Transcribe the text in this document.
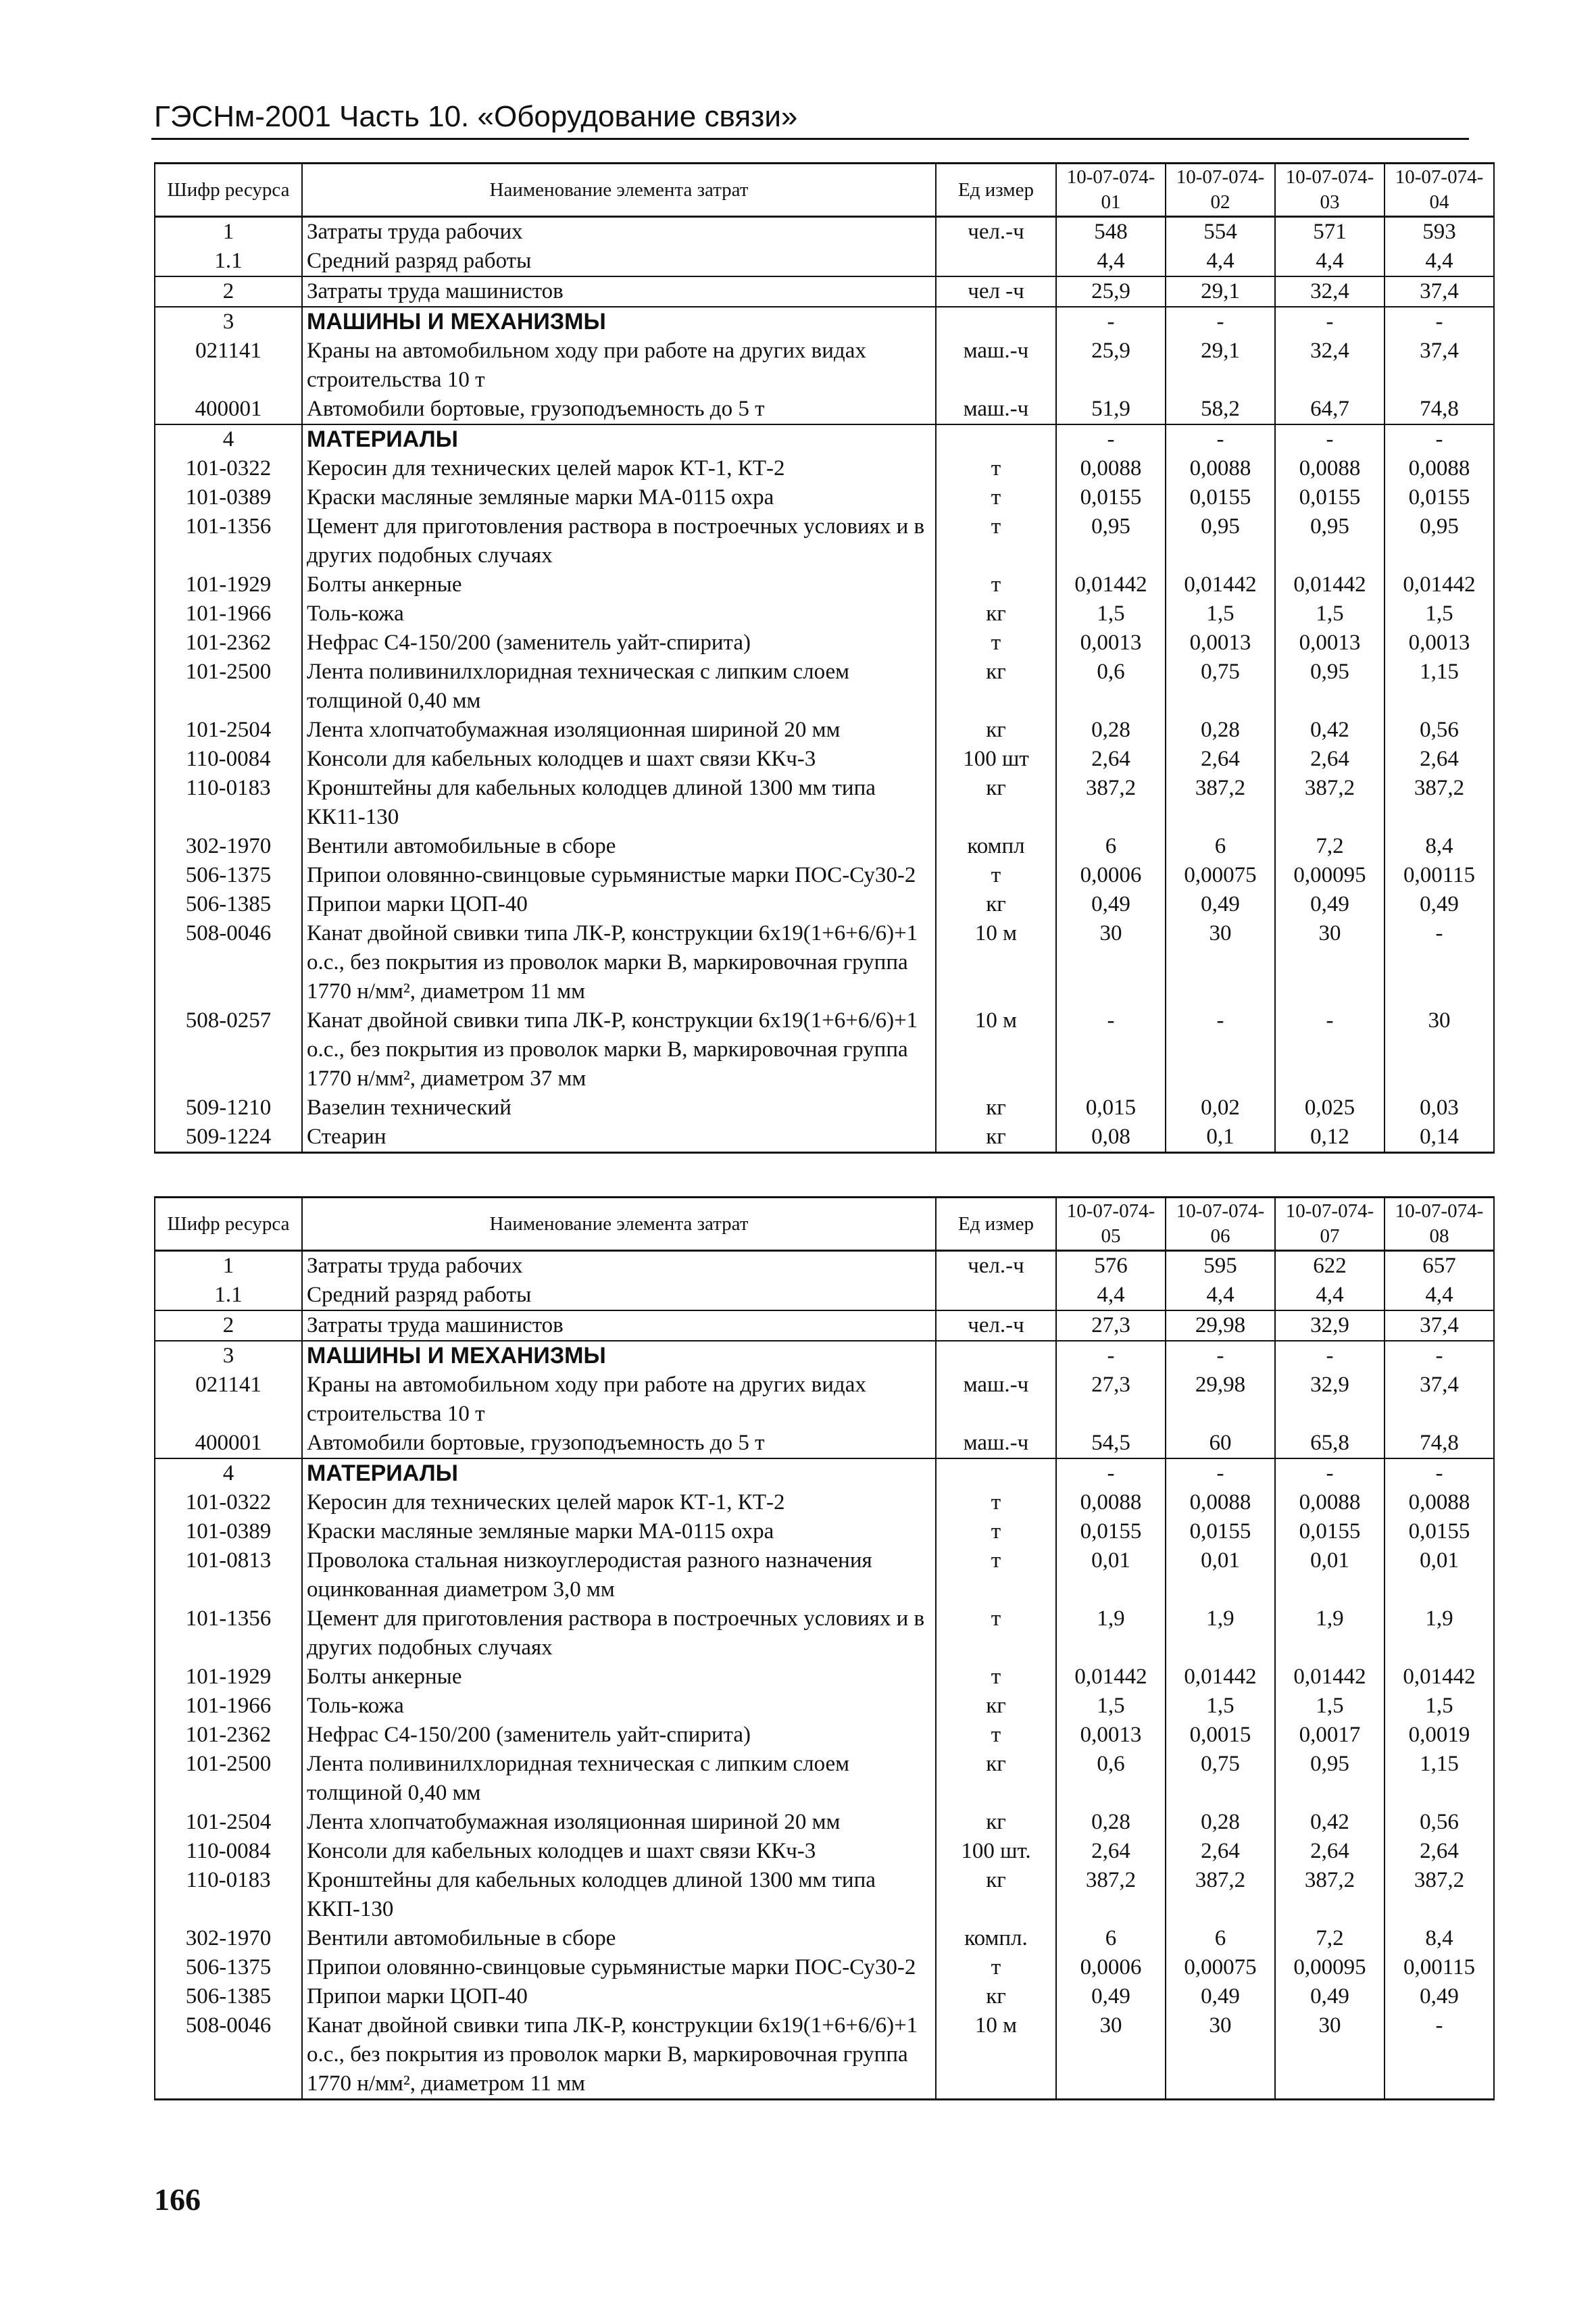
ГЭСНм-2001 Часть 10. «Оборудование связи»
Шифр ресурса	Наименование элемента затрат	Ед измер	10-07-074-01	10-07-074-02	10-07-074-03	10-07-074-04
1	Затраты труда рабочих	чел.-ч	548	554	571	593
1.1	Средний разряд работы		4,4	4,4	4,4	4,4
2	Затраты труда машинистов	чел -ч	25,9	29,1	32,4	37,4
3	МАШИНЫ И МЕХАНИЗМЫ		-	-	-	-
021141	Краны на автомобильном ходу при работе на других видах строительства 10 т	маш.-ч	25,9	29,1	32,4	37,4
400001	Автомобили бортовые, грузоподъемность до 5 т	маш.-ч	51,9	58,2	64,7	74,8
4	МАТЕРИАЛЫ		-	-	-	-
101-0322	Керосин для технических целей марок КТ-1, КТ-2	т	0,0088	0,0088	0,0088	0,0088
101-0389	Краски масляные земляные марки МА-0115 охра	т	0,0155	0,0155	0,0155	0,0155
101-1356	Цемент для приготовления раствора в построечных условиях и в других подобных случаях	т	0,95	0,95	0,95	0,95
101-1929	Болты анкерные	т	0,01442	0,01442	0,01442	0,01442
101-1966	Толь-кожа	кг	1,5	1,5	1,5	1,5
101-2362	Нефрас С4-150/200 (заменитель уайт-спирита)	т	0,0013	0,0013	0,0013	0,0013
101-2500	Лента поливинилхлоридная техническая с липким слоем толщиной 0,40 мм	кг	0,6	0,75	0,95	1,15
101-2504	Лента хлопчатобумажная изоляционная шириной 20 мм	кг	0,28	0,28	0,42	0,56
110-0084	Консоли для кабельных колодцев и шахт связи ККч-3	100 шт	2,64	2,64	2,64	2,64
110-0183	Кронштейны для кабельных колодцев длиной 1300 мм типа КК11-130	кг	387,2	387,2	387,2	387,2
302-1970	Вентили автомобильные в сборе	компл	6	6	7,2	8,4
506-1375	Припои оловянно-свинцовые сурьмянистые марки ПОС-Су30-2	т	0,0006	0,00075	0,00095	0,00115
506-1385	Припои марки ЦОП-40	кг	0,49	0,49	0,49	0,49
508-0046	Канат двойной свивки типа ЛК-Р, конструкции 6х19(1+6+6/6)+1 о.с., без покрытия из проволок марки В, маркировочная группа 1770 н/мм², диаметром 11 мм	10 м	30	30	30	-
508-0257	Канат двойной свивки типа ЛК-Р, конструкции 6х19(1+6+6/6)+1 о.с., без покрытия из проволок марки В, маркировочная группа 1770 н/мм², диаметром 37 мм	10 м	-	-	-	30
509-1210	Вазелин технический	кг	0,015	0,02	0,025	0,03
509-1224	Стеарин	кг	0,08	0,1	0,12	0,14
Шифр ресурса	Наименование элемента затрат	Ед измер	10-07-074-05	10-07-074-06	10-07-074-07	10-07-074-08
1	Затраты труда рабочих	чел.-ч	576	595	622	657
1.1	Средний разряд работы		4,4	4,4	4,4	4,4
2	Затраты труда машинистов	чел.-ч	27,3	29,98	32,9	37,4
3	МАШИНЫ И МЕХАНИЗМЫ		-	-	-	-
021141	Краны на автомобильном ходу при работе на других видах строительства 10 т	маш.-ч	27,3	29,98	32,9	37,4
400001	Автомобили бортовые, грузоподъемность до 5 т	маш.-ч	54,5	60	65,8	74,8
4	МАТЕРИАЛЫ		-	-	-	-
101-0322	Керосин для технических целей марок КТ-1, КТ-2	т	0,0088	0,0088	0,0088	0,0088
101-0389	Краски масляные земляные марки МА-0115 охра	т	0,0155	0,0155	0,0155	0,0155
101-0813	Проволока стальная низкоуглеродистая разного назначения оцинкованная диаметром 3,0 мм	т	0,01	0,01	0,01	0,01
101-1356	Цемент для приготовления раствора в построечных условиях и в других подобных случаях	т	1,9	1,9	1,9	1,9
101-1929	Болты анкерные	т	0,01442	0,01442	0,01442	0,01442
101-1966	Толь-кожа	кг	1,5	1,5	1,5	1,5
101-2362	Нефрас С4-150/200 (заменитель уайт-спирита)	т	0,0013	0,0015	0,0017	0,0019
101-2500	Лента поливинилхлоридная техническая с липким слоем толщиной 0,40 мм	кг	0,6	0,75	0,95	1,15
101-2504	Лента хлопчатобумажная изоляционная шириной 20 мм	кг	0,28	0,28	0,42	0,56
110-0084	Консоли для кабельных колодцев и шахт связи ККч-3	100 шт.	2,64	2,64	2,64	2,64
110-0183	Кронштейны для кабельных колодцев длиной 1300 мм типа ККП-130	кг	387,2	387,2	387,2	387,2
302-1970	Вентили автомобильные в сборе	компл.	6	6	7,2	8,4
506-1375	Припои оловянно-свинцовые сурьмянистые марки ПОС-Су30-2	т	0,0006	0,00075	0,00095	0,00115
506-1385	Припои марки ЦОП-40	кг	0,49	0,49	0,49	0,49
508-0046	Канат двойной свивки типа ЛК-Р, конструкции 6х19(1+6+6/6)+1 о.с., без покрытия из проволок марки В, маркировочная группа 1770 н/мм², диаметром 11 мм	10 м	30	30	30	-
166
